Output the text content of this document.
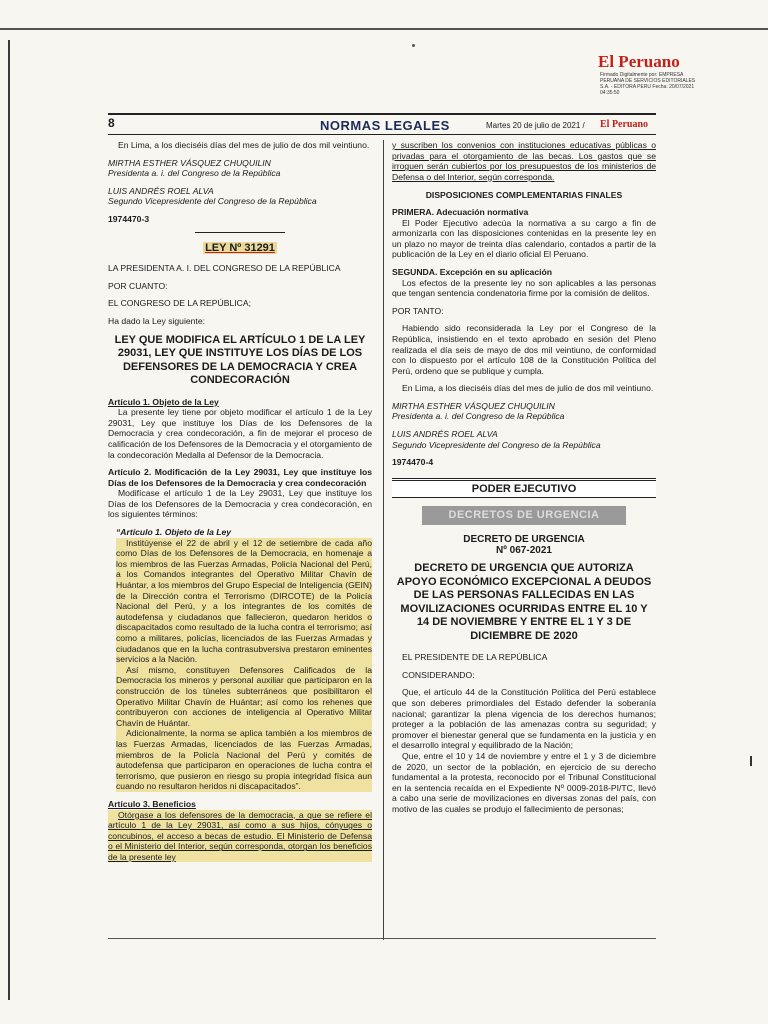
El Peruano
Firmado Digitalmente por: EMPRESA PERUANA DE SERVICIOS EDITORIALES S.A. - EDITORA PERU Fecha: 20/07/2021 04:35:50
8	NORMAS LEGALES	Martes 20 de julio de 2021 / El Peruano

En Lima, a los dieciséis días del mes de julio de dos mil veintiuno.

MIRTHA ESTHER VÁSQUEZ CHUQUILIN

Presidenta a. i. del Congreso de la República

LUIS ANDRÉS ROEL ALVA

Segundo Vicepresidente del Congreso de la República

1974470-3

LEY Nº 31291

LA PRESIDENTA A. I. DEL CONGRESO DE LA REPÚBLICA

POR CUANTO:

EL CONGRESO DE LA REPÚBLICA;

Ha dado la Ley siguiente:

LEY QUE MODIFICA EL ARTÍCULO 1 DE LA LEY 29031, LEY QUE INSTITUYE LOS DÍAS DE LOS DEFENSORES DE LA DEMOCRACIA Y CREA CONDECORACIÓN

Artículo 1. Objeto de la Ley

La presente ley tiene por objeto modificar el artículo 1 de la Ley 29031, Ley que instituye los Días de los Defensores de la Democracia y crea condecoración, a fin de mejorar el proceso de calificación de los Defensores de la Democracia y el otorgamiento de la condecoración Medalla al Defensor de la Democracia.

Artículo 2. Modificación de la Ley 29031, Ley que instituye los Días de los Defensores de la Democracia y crea condecoración

Modifícase el artículo 1 de la Ley 29031, Ley que instituye los Días de los Defensores de la Democracia y crea condecoración, en los siguientes términos:

“Artículo 1. Objeto de la Ley

Institúyense el 22 de abril y el 12 de setiembre de cada año como Días de los Defensores de la Democracia, en homenaje a los miembros de las Fuerzas Armadas, Policía Nacional del Perú, a los Comandos integrantes del Operativo Militar Chavín de Huántar, a los miembros del Grupo Especial de Inteligencia (GEIN) de la Dirección contra el Terrorismo (DIRCOTE) de la Policía Nacional del Perú, y a los integrantes de los comités de autodefensa y ciudadanos que fallecieron, quedaron heridos o discapacitados como resultado de la lucha contra el terrorismo; así como a militares, policías, licenciados de las Fuerzas Armadas y ciudadanos que en la lucha contrasubversiva prestaron eminentes servicios a la Nación.

Así mismo, constituyen Defensores Calificados de la Democracia los mineros y personal auxiliar que participaron en la construcción de los túneles subterráneos que posibilitaron el Operativo Militar Chavín de Huántar; así como los rehenes que contribuyeron con acciones de inteligencia al Operativo Militar Chavín de Huántar.

Adicionalmente, la norma se aplica también a los miembros de las Fuerzas Armadas, licenciados de las Fuerzas Armadas, miembros de la Policía Nacional del Perú y comités de autodefensa que participaron en operaciones de lucha contra el terrorismo, que pusieron en riesgo su propia integridad física aun cuando no resultaron heridos ni discapacitados”.

Artículo 3. Beneficios

Otórgase a los defensores de la democracia, a que se refiere el artículo 1 de la Ley 29031, así como a sus hijos, cónyuges o concubinos, el acceso a becas de estudio. El Ministerio de Defensa o el Ministerio del Interior, según corresponda, otorgan los beneficios de la presente ley

y suscriben los convenios con instituciones educativas públicas o privadas para el otorgamiento de las becas. Los gastos que se irroguen serán cubiertos por los presupuestos de los ministerios de Defensa o del Interior, según corresponda.

DISPOSICIONES COMPLEMENTARIAS FINALES

PRIMERA. Adecuación normativa

El Poder Ejecutivo adecúa la normativa a su cargo a fin de armonizarla con las disposiciones contenidas en la presente ley en un plazo no mayor de treinta días calendario, contados a partir de la publicación de la Ley en el diario oficial El Peruano.

SEGUNDA. Excepción en su aplicación

Los efectos de la presente ley no son aplicables a las personas que tengan sentencia condenatoria firme por la comisión de delitos.

POR TANTO:

Habiendo sido reconsiderada la Ley por el Congreso de la República, insistiendo en el texto aprobado en sesión del Pleno realizada el día seis de mayo de dos mil veintiuno, de conformidad con lo dispuesto por el artículo 108 de la Constitución Política del Perú, ordeno que se publique y cumpla.

En Lima, a los dieciséis días del mes de julio de dos mil veintiuno.

MIRTHA ESTHER VÁSQUEZ CHUQUILIN

Presidenta a. i. del Congreso de la República

LUIS ANDRÉS ROEL ALVA

Segundo Vicepresidente del Congreso de la República

1974470-4

PODER EJECUTIVO
DECRETOS DE URGENCIA
DECRETO DE URGENCIA
Nº 067-2021
DECRETO DE URGENCIA QUE AUTORIZA APOYO ECONÓMICO EXCEPCIONAL A DEUDOS DE LAS PERSONAS FALLECIDAS EN LAS MOVILIZACIONES OCURRIDAS ENTRE EL 10 Y 14 DE NOVIEMBRE Y ENTRE EL 1 Y 3 DE DICIEMBRE DE 2020

EL PRESIDENTE DE LA REPÚBLICA

CONSIDERANDO:

Que, el artículo 44 de la Constitución Política del Perú establece que son deberes primordiales del Estado defender la soberanía nacional; garantizar la plena vigencia de los derechos humanos; proteger a la población de las amenazas contra su seguridad; y promover el bienestar general que se fundamenta en la justicia y en el desarrollo integral y equilibrado de la Nación;

Que, entre el 10 y 14 de noviembre y entre el 1 y 3 de diciembre de 2020, un sector de la población, en ejercicio de su derecho fundamental a la protesta, reconocido por el Tribunal Constitucional en la sentencia recaída en el Expediente Nº 0009-2018-PI/TC, llevó a cabo una serie de movilizaciones en diversas zonas del país, con motivo de las cuales se produjo el fallecimiento de personas;
